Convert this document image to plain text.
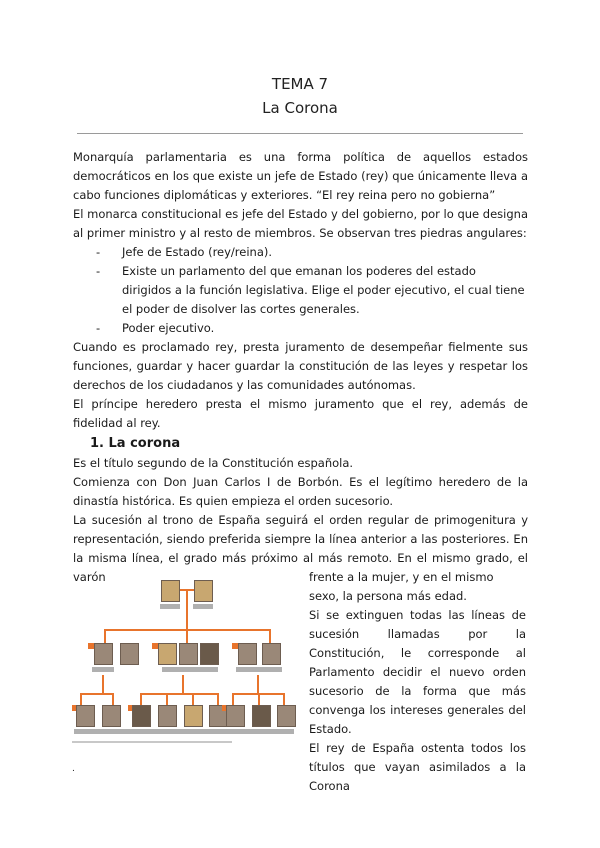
TEMA 7
La Corona

Monarquía parlamentaria es una forma política de aquellos estados democráticos en los que existe un jefe de Estado (rey) que únicamente lleva a cabo funciones diplomáticas y exteriores. “El rey reina pero no gobierna”

El monarca constitucional es jefe del Estado y del gobierno, por lo que designa al primer ministro y al resto de miembros. Se observan tres piedras angulares:

- Jefe de Estado (rey/reina).
- Existe un parlamento del que emanan los poderes del estado dirigidos a la función legislativa. Elige el poder ejecutivo, el cual tiene el poder de disolver las cortes generales.
- Poder ejecutivo.

Cuando es proclamado rey, presta juramento de desempeñar fielmente sus funciones, guardar y hacer guardar la constitución de las leyes y respetar los derechos de los ciudadanos y las comunidades autónomas.

El príncipe heredero presta el mismo juramento que el rey, además de fidelidad al rey.

1. La corona

Es el título segundo de la Constitución española.

Comienza con Don Juan Carlos I de Borbón. Es el legítimo heredero de la dinastía histórica. Es quien empieza el orden sucesorio.

La sucesión al trono de España seguirá el orden regular de primogenitura y representación, siendo preferida siempre la línea anterior a las posteriores. En la misma línea, el grado más próximo al más remoto. En el mismo grado, el varón	frente a la mujer, y en el mismo sexo, la persona más edad.

Si se extinguen todas las líneas de sucesión llamadas por la Constitución, le corresponde al Parlamento decidir el nuevo orden sucesorio de la forma que más convenga los intereses generales del Estado.

El rey de España ostenta todos los títulos que vayan asimilados a la Corona

.
